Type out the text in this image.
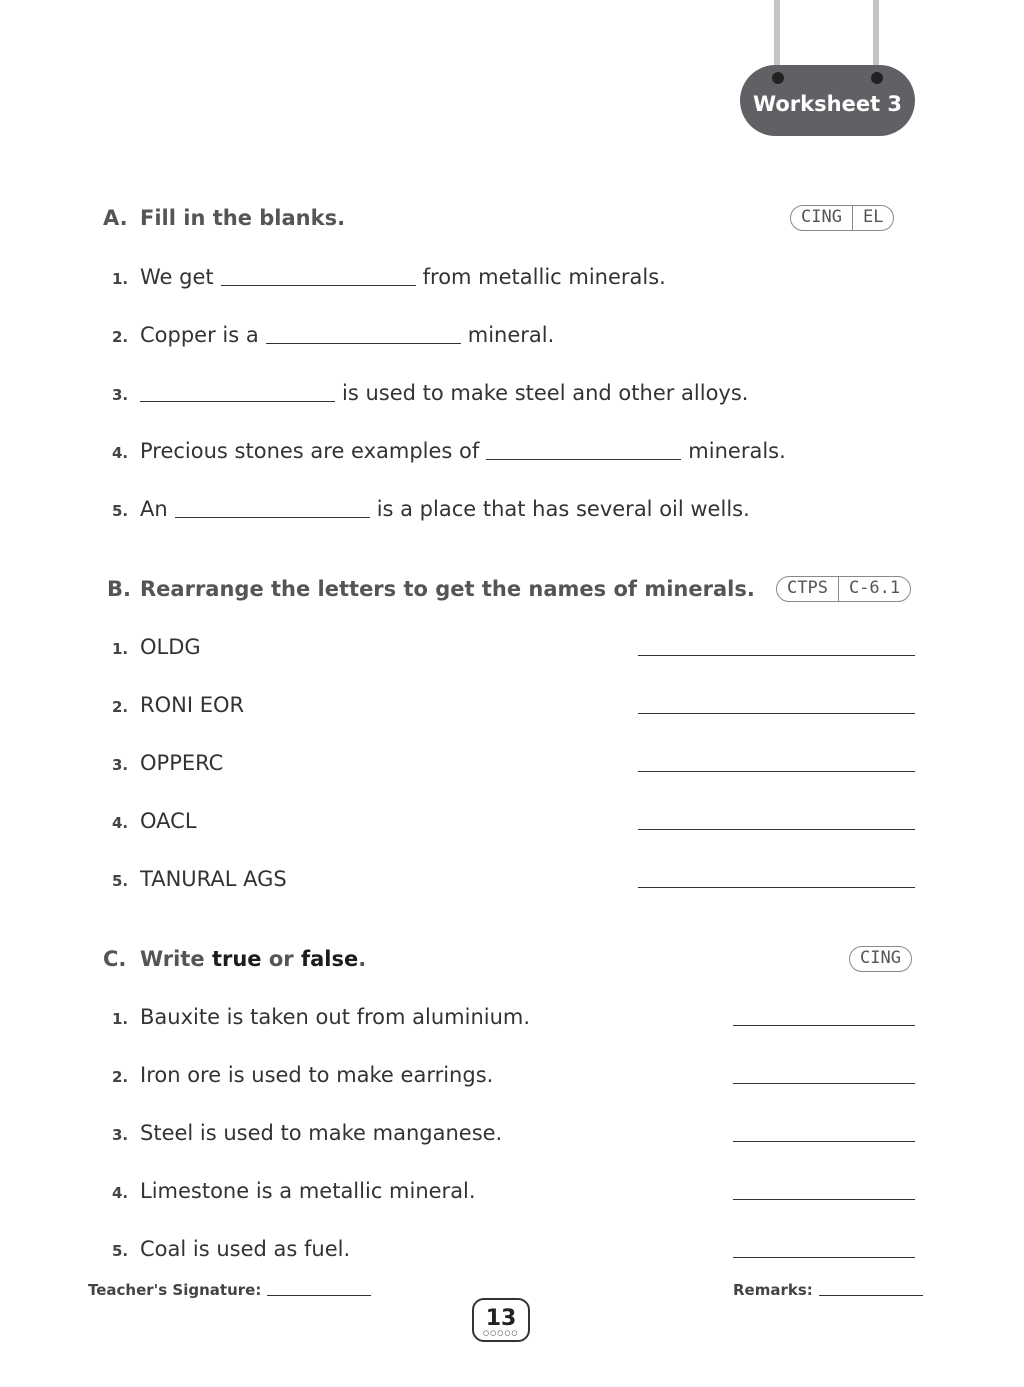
Worksheet 3
A. Fill in the blanks.	CING	EL
1. We get	from metallic minerals.
2. Copper is a	mineral.
3.	is used to make steel and other alloys.
4. Precious stones are examples of	minerals.
5. An	is a place that has several oil wells.
B. Rearrange the letters to get the names of minerals.	CTPS	C-6.1
1. OLDG
2. RONI EOR
3. OPPERC
4. OACL
5. TANURAL AGS
C. Write true or false.	CING
1. Bauxite is taken out from aluminium.
2. Iron ore is used to make earrings.
3. Steel is used to make manganese.
4. Limestone is a metallic mineral.
5. Coal is used as fuel.
Teacher's Signature:	Remarks:
13
○○○○○
